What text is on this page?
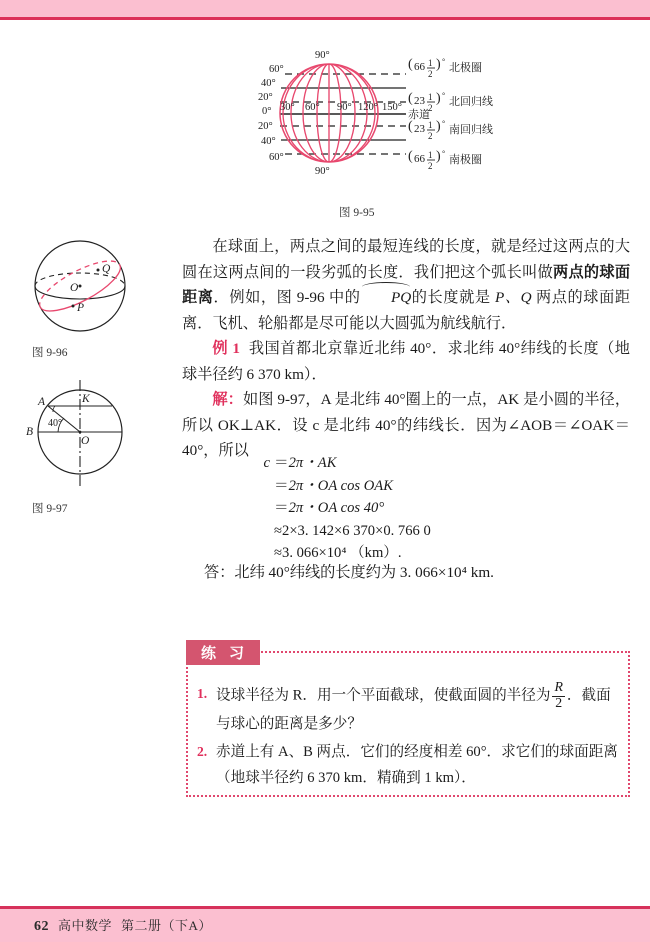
62 高中数学 第二册（下A）
60°
40°
20°
0°
20°
40°
60°
90°
90°
30° 60° 90° 120° 150°
( 66 1
2
) °
北极圈
( 23 1
2
) °
北回归线
赤道
( 23 1
2
) °
南回归线
( 66 1
2
) °
南极圈
图 9-95
O
Q
P
图 9-96
A	K
B
O
40°
图 9-97

在球面上，两点之间的最短连线的长度，就是经过这两点的大圆在这两点间的一段劣弧的长度．我们把这个弧长叫做两点的球面距离．例如，图 9-96 中的 PQ的长度就是 P、Q 两点的球面距离．飞机、轮船都是尽可能以大圆弧为航线航行．

例 1 我国首都北京靠近北纬 40°．求北纬 40°纬线的长度（地球半径约 6 370 km）．

解：如图 9-97，A 是北纬 40°圈上的一点，AK 是小圆的半径，所以 OK⊥AK．设 c 是北纬 40°的纬线长．因为∠AOB＝∠OAK＝40°，所以

c ＝2π・AK
＝2π・OA cos OAK
＝2π・OA cos 40°
≈2×3. 142×6 370×0. 766 0
≈3. 066×10⁴ （km）.
答：北纬 40°纬线的长度约为 3. 066×10⁴ km.
练 习
1. 设球半径为 R．用一个平面截球，使截面圆的半径为 $\frac{R}{2}$ ．截面与球心的距离是多少？
2. 赤道上有 A、B 两点．它们的经度相差 60°．求它们的球面距离（地球半径约 6 370 km．精确到 1 km）．
